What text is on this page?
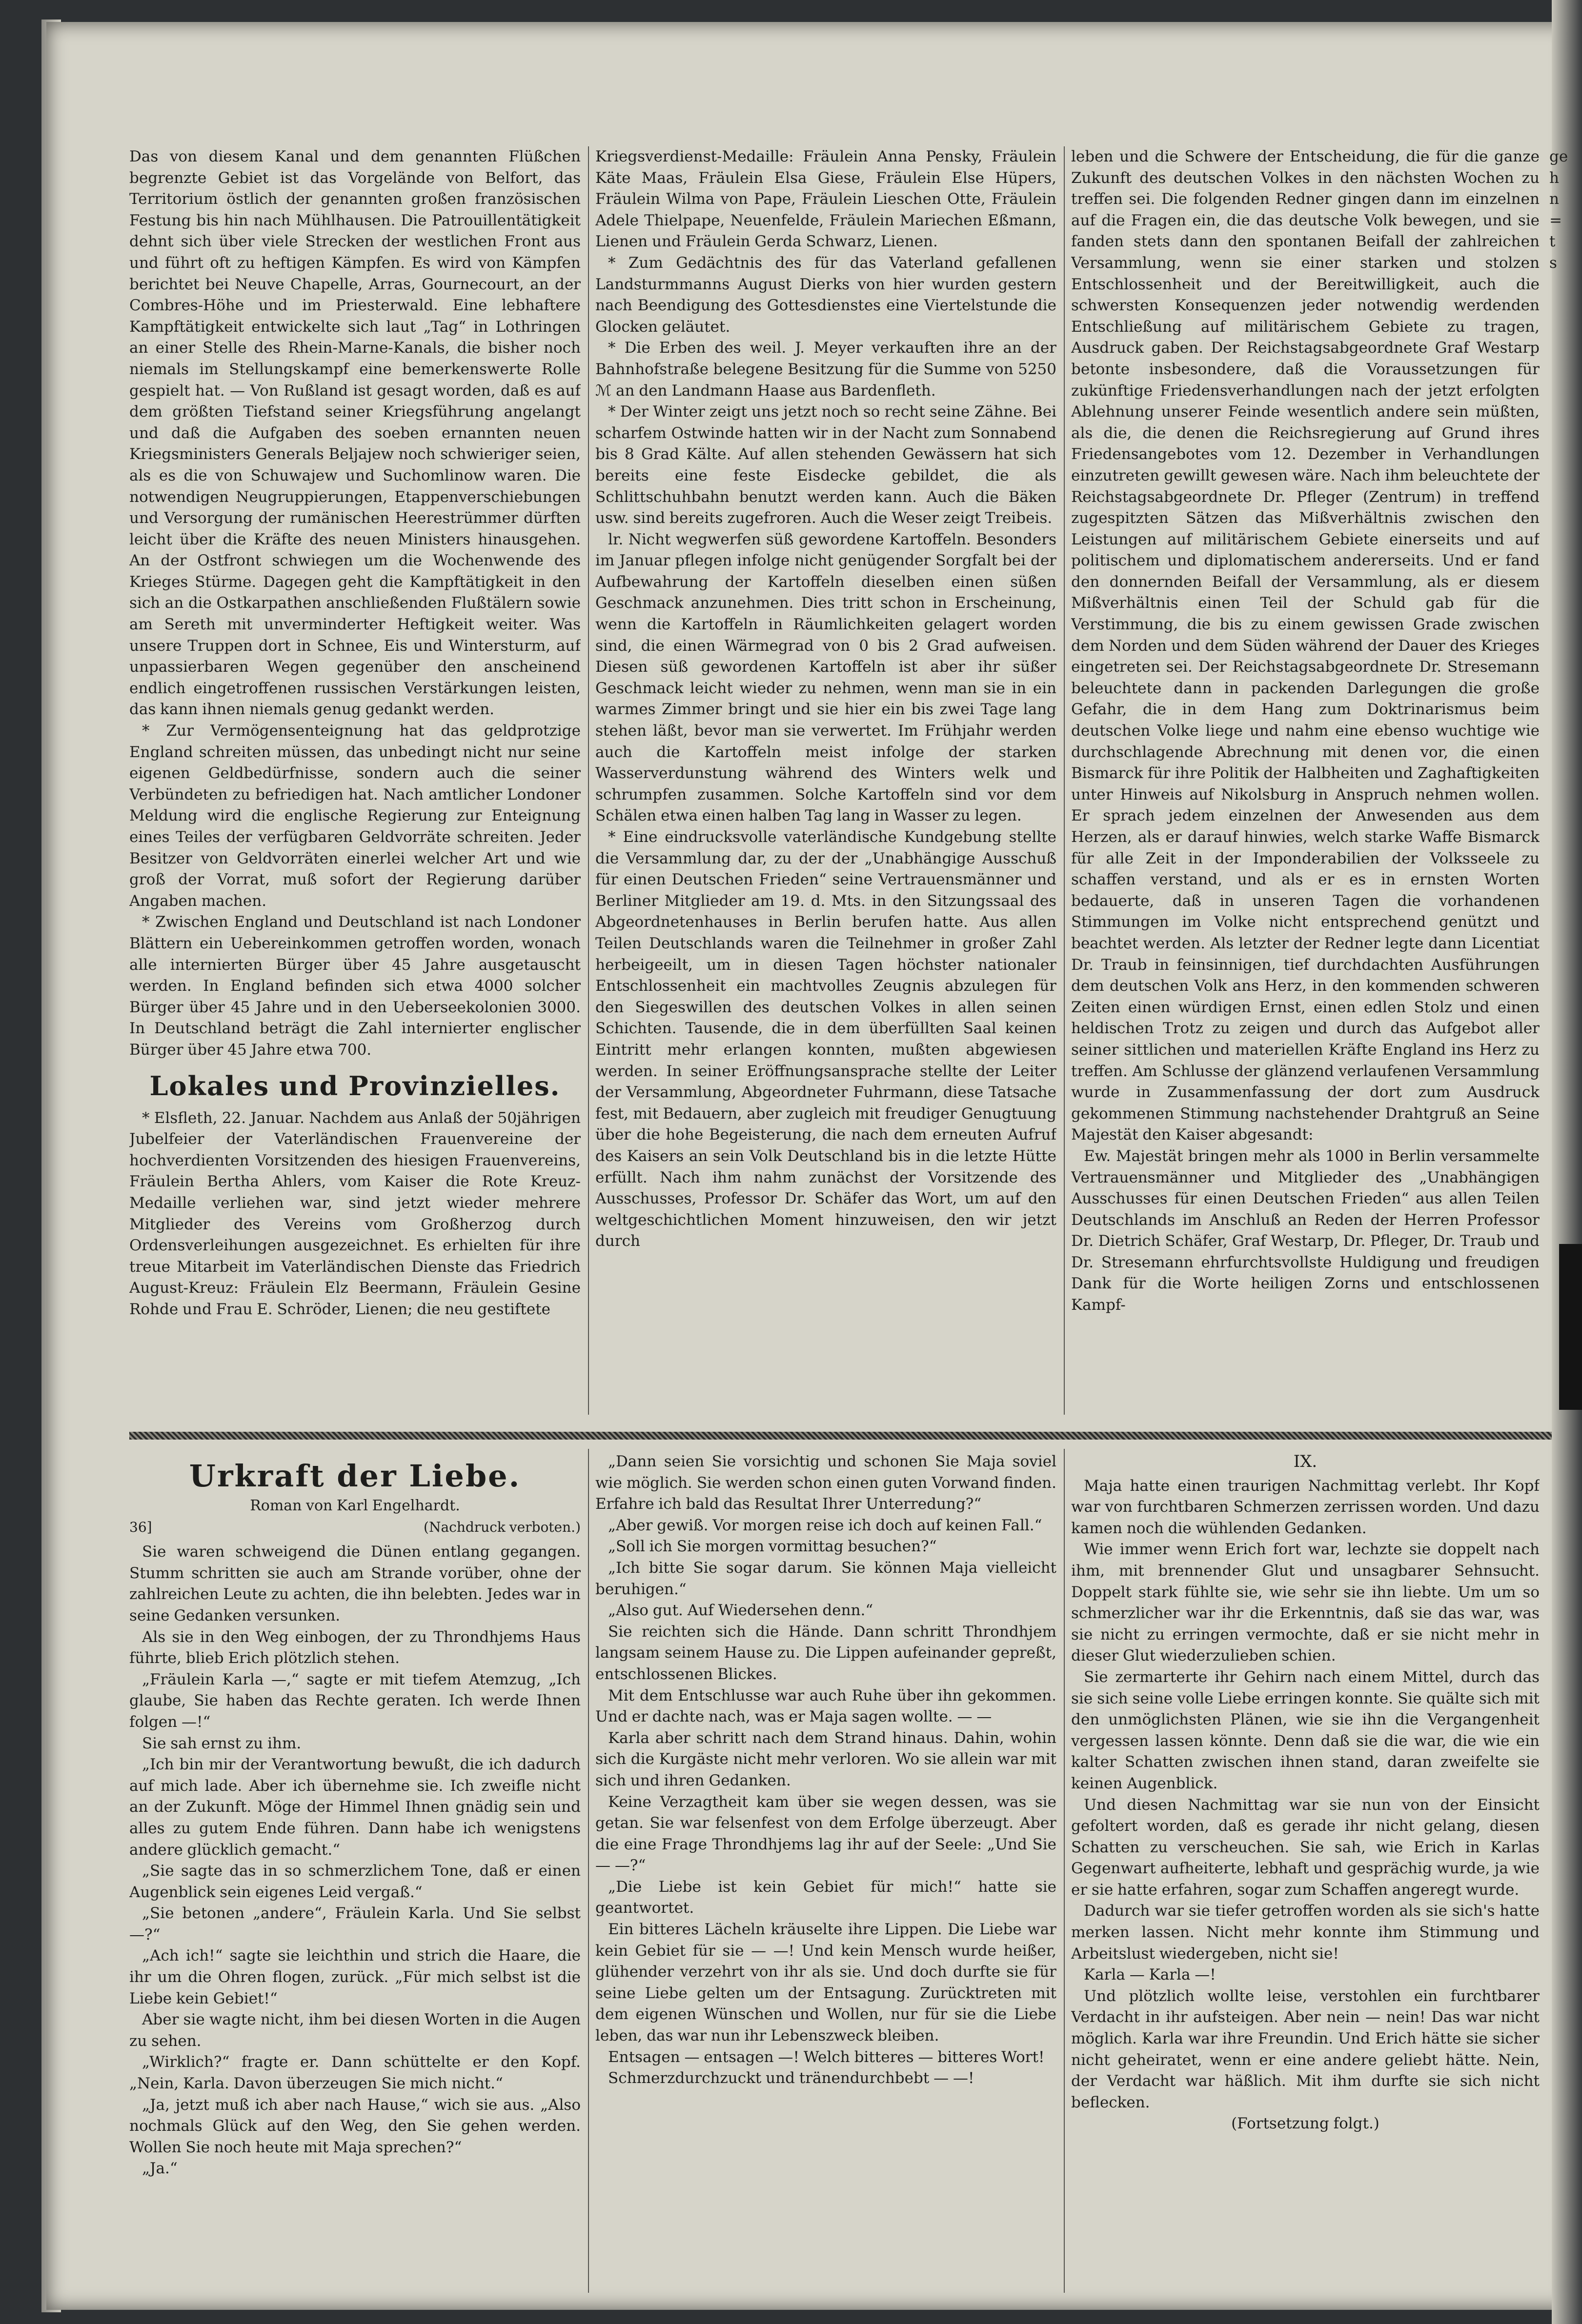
Das von diesem Kanal und dem genannten Flüßchen begrenzte Gebiet ist das Vorgelände von Belfort, das Territorium östlich der genannten großen französischen Festung bis hin nach Mühlhausen. Die Patrouillentätigkeit dehnt sich über viele Strecken der westlichen Front aus und führt oft zu heftigen Kämpfen. Es wird von Kämpfen berichtet bei Neuve Chapelle, Arras, Gournecourt, an der Combres-Höhe und im Priesterwald. Eine lebhaftere Kampftätigkeit entwickelte sich laut „Tag“ in Lothringen an einer Stelle des Rhein-Marne-Kanals, die bisher noch niemals im Stellungskampf eine bemerkenswerte Rolle gespielt hat. — Von Rußland ist gesagt worden, daß es auf dem größten Tiefstand seiner Kriegsführung angelangt und daß die Aufgaben des soeben ernannten neuen Kriegsministers Generals Beljajew noch schwieriger seien, als es die von Schuwajew und Suchomlinow waren. Die notwendigen Neugruppierungen, Etappenverschiebungen und Versorgung der rumänischen Heerestrümmer dürften leicht über die Kräfte des neuen Ministers hinausgehen. An der Ostfront schwiegen um die Wochenwende des Krieges Stürme. Dagegen geht die Kampftätigkeit in den sich an die Ostkarpathen anschließenden Flußtälern sowie am Sereth mit unverminderter Heftigkeit weiter. Was unsere Truppen dort in Schnee, Eis und Wintersturm, auf unpassierbaren Wegen gegenüber den anscheinend endlich eingetroffenen russischen Verstärkungen leisten, das kann ihnen niemals genug gedankt werden.

* Zur Vermögensenteignung hat das geldprotzige England schreiten müssen, das unbedingt nicht nur seine eigenen Geldbedürfnisse, sondern auch die seiner Verbündeten zu befriedigen hat. Nach amtlicher Londoner Meldung wird die englische Regierung zur Enteignung eines Teiles der verfügbaren Geldvorräte schreiten. Jeder Besitzer von Geldvorräten einerlei welcher Art und wie groß der Vorrat, muß sofort der Regierung darüber Angaben machen.

* Zwischen England und Deutschland ist nach Londoner Blättern ein Uebereinkommen getroffen worden, wonach alle internierten Bürger über 45 Jahre ausgetauscht werden. In England befinden sich etwa 4000 solcher Bürger über 45 Jahre und in den Ueberseekolonien 3000. In Deutschland beträgt die Zahl internierter englischer Bürger über 45 Jahre etwa 700.

Lokales und Provinzielles.

* Elsfleth, 22. Januar. Nachdem aus Anlaß der 50jährigen Jubelfeier der Vaterländischen Frauenvereine der hochverdienten Vorsitzenden des hiesigen Frauenvereins, Fräulein Bertha Ahlers, vom Kaiser die Rote Kreuz-Medaille verliehen war, sind jetzt wieder mehrere Mitglieder des Vereins vom Großherzog durch Ordensverleihungen ausgezeichnet. Es erhielten für ihre treue Mitarbeit im Vaterländischen Dienste das Friedrich August-Kreuz: Fräulein Elz Beermann, Fräulein Gesine Rohde und Frau E. Schröder, Lienen; die neu gestiftete

Kriegsverdienst-Medaille: Fräulein Anna Pensky, Fräulein Käte Maas, Fräulein Elsa Giese, Fräulein Else Hüpers, Fräulein Wilma von Pape, Fräulein Lieschen Otte, Fräulein Adele Thielpape, Neuenfelde, Fräulein Mariechen Eßmann, Lienen und Fräulein Gerda Schwarz, Lienen.

* Zum Gedächtnis des für das Vaterland gefallenen Landsturmmanns August Dierks von hier wurden gestern nach Beendigung des Gottesdienstes eine Viertelstunde die Glocken geläutet.

* Die Erben des weil. J. Meyer verkauften ihre an der Bahnhofstraße belegene Besitzung für die Summe von 5250 ℳ an den Landmann Haase aus Bardenfleth.

* Der Winter zeigt uns jetzt noch so recht seine Zähne. Bei scharfem Ostwinde hatten wir in der Nacht zum Sonnabend bis 8 Grad Kälte. Auf allen stehenden Gewässern hat sich bereits eine feste Eisdecke gebildet, die als Schlittschuhbahn benutzt werden kann. Auch die Bäken usw. sind bereits zugefroren. Auch die Weser zeigt Treibeis.

lr. Nicht wegwerfen süß gewordene Kartoffeln. Besonders im Januar pflegen infolge nicht genügender Sorgfalt bei der Aufbewahrung der Kartoffeln dieselben einen süßen Geschmack anzunehmen. Dies tritt schon in Erscheinung, wenn die Kartoffeln in Räumlichkeiten gelagert worden sind, die einen Wärmegrad von 0 bis 2 Grad aufweisen. Diesen süß gewordenen Kartoffeln ist aber ihr süßer Geschmack leicht wieder zu nehmen, wenn man sie in ein warmes Zimmer bringt und sie hier ein bis zwei Tage lang stehen läßt, bevor man sie verwertet. Im Frühjahr werden auch die Kartoffeln meist infolge der starken Wasserverdunstung während des Winters welk und schrumpfen zusammen. Solche Kartoffeln sind vor dem Schälen etwa einen halben Tag lang in Wasser zu legen.

* Eine eindrucksvolle vaterländische Kundgebung stellte die Versammlung dar, zu der der „Unabhängige Ausschuß für einen Deutschen Frieden“ seine Vertrauensmänner und Berliner Mitglieder am 19. d. Mts. in den Sitzungssaal des Abgeordnetenhauses in Berlin berufen hatte. Aus allen Teilen Deutschlands waren die Teilnehmer in großer Zahl herbeigeeilt, um in diesen Tagen höchster nationaler Entschlossenheit ein machtvolles Zeugnis abzulegen für den Siegeswillen des deutschen Volkes in allen seinen Schichten. Tausende, die in dem überfüllten Saal keinen Eintritt mehr erlangen konnten, mußten abgewiesen werden. In seiner Eröffnungsansprache stellte der Leiter der Versammlung, Abgeordneter Fuhrmann, diese Tatsache fest, mit Bedauern, aber zugleich mit freudiger Genugtuung über die hohe Begeisterung, die nach dem erneuten Aufruf des Kaisers an sein Volk Deutschland bis in die letzte Hütte erfüllt. Nach ihm nahm zunächst der Vorsitzende des Ausschusses, Professor Dr. Schäfer das Wort, um auf den weltgeschichtlichen Moment hinzuweisen, den wir jetzt durch

leben und die Schwere der Entscheidung, die für die ganze Zukunft des deutschen Volkes in den nächsten Wochen zu treffen sei. Die folgenden Redner gingen dann im einzelnen auf die Fragen ein, die das deutsche Volk bewegen, und sie fanden stets dann den spontanen Beifall der zahlreichen Versammlung, wenn sie einer starken und stolzen Entschlossenheit und der Bereitwilligkeit, auch die schwersten Konsequenzen jeder notwendig werdenden Entschließung auf militärischem Gebiete zu tragen, Ausdruck gaben. Der Reichstagsabgeordnete Graf Westarp betonte insbesondere, daß die Voraussetzungen für zukünftige Friedensverhandlungen nach der jetzt erfolgten Ablehnung unserer Feinde wesentlich andere sein müßten, als die, die denen die Reichsregierung auf Grund ihres Friedensangebotes vom 12. Dezember in Verhandlungen einzutreten gewillt gewesen wäre. Nach ihm beleuchtete der Reichstagsabgeordnete Dr. Pfleger (Zentrum) in treffend zugespitzten Sätzen das Mißverhältnis zwischen den Leistungen auf militärischem Gebiete einerseits und auf politischem und diplomatischem andererseits. Und er fand den donnernden Beifall der Versammlung, als er diesem Mißverhältnis einen Teil der Schuld gab für die Verstimmung, die bis zu einem gewissen Grade zwischen dem Norden und dem Süden während der Dauer des Krieges eingetreten sei. Der Reichstagsabgeordnete Dr. Stresemann beleuchtete dann in packenden Darlegungen die große Gefahr, die in dem Hang zum Doktrinarismus beim deutschen Volke liege und nahm eine ebenso wuchtige wie durchschlagende Abrechnung mit denen vor, die einen Bismarck für ihre Politik der Halbheiten und Zaghaftigkeiten unter Hinweis auf Nikolsburg in Anspruch nehmen wollen. Er sprach jedem einzelnen der Anwesenden aus dem Herzen, als er darauf hinwies, welch starke Waffe Bismarck für alle Zeit in der Imponderabilien der Volksseele zu schaffen verstand, und als er es in ernsten Worten bedauerte, daß in unseren Tagen die vorhandenen Stimmungen im Volke nicht entsprechend genützt und beachtet werden. Als letzter der Redner legte dann Licentiat Dr. Traub in feinsinnigen, tief durchdachten Ausführungen dem deutschen Volk ans Herz, in den kommenden schweren Zeiten einen würdigen Ernst, einen edlen Stolz und einen heldischen Trotz zu zeigen und durch das Aufgebot aller seiner sittlichen und materiellen Kräfte England ins Herz zu treffen. Am Schlusse der glänzend verlaufenen Versammlung wurde in Zusammenfassung der dort zum Ausdruck gekommenen Stimmung nachstehender Drahtgruß an Seine Majestät den Kaiser abgesandt:

Ew. Majestät bringen mehr als 1000 in Berlin versammelte Vertrauensmänner und Mitglieder des „Unabhängigen Ausschusses für einen Deutschen Frieden“ aus allen Teilen Deutschlands im Anschluß an Reden der Herren Professor Dr. Dietrich Schäfer, Graf Westarp, Dr. Pfleger, Dr. Traub und Dr. Stresemann ehrfurchtsvollste Huldigung und freudigen Dank für die Worte heiligen Zorns und entschlossenen Kampf-

ge
h
n
=
t
s
Urkraft der Liebe.
Roman von Karl Engelhardt.
36]	(Nachdruck verboten.)

Sie waren schweigend die Dünen entlang gegangen. Stumm schritten sie auch am Strande vorüber, ohne der zahlreichen Leute zu achten, die ihn belebten. Jedes war in seine Gedanken versunken.

Als sie in den Weg einbogen, der zu Throndhjems Haus führte, blieb Erich plötzlich stehen.

„Fräulein Karla —,“ sagte er mit tiefem Atemzug, „Ich glaube, Sie haben das Rechte geraten. Ich werde Ihnen folgen —!“

Sie sah ernst zu ihm.

„Ich bin mir der Verantwortung bewußt, die ich dadurch auf mich lade. Aber ich übernehme sie. Ich zweifle nicht an der Zukunft. Möge der Himmel Ihnen gnädig sein und alles zu gutem Ende führen. Dann habe ich wenigstens andere glücklich gemacht.“

„Sie sagte das in so schmerzlichem Tone, daß er einen Augenblick sein eigenes Leid vergaß.“

„Sie betonen „andere“, Fräulein Karla. Und Sie selbst —?“

„Ach ich!“ sagte sie leichthin und strich die Haare, die ihr um die Ohren flogen, zurück. „Für mich selbst ist die Liebe kein Gebiet!“

Aber sie wagte nicht, ihm bei diesen Worten in die Augen zu sehen.

„Wirklich?“ fragte er. Dann schüttelte er den Kopf. „Nein, Karla. Davon überzeugen Sie mich nicht.“

„Ja, jetzt muß ich aber nach Hause,“ wich sie aus. „Also nochmals Glück auf den Weg, den Sie gehen werden. Wollen Sie noch heute mit Maja sprechen?“

„Ja.“

„Dann seien Sie vorsichtig und schonen Sie Maja soviel wie möglich. Sie werden schon einen guten Vorwand finden. Erfahre ich bald das Resultat Ihrer Unterredung?“

„Aber gewiß. Vor morgen reise ich doch auf keinen Fall.“

„Soll ich Sie morgen vormittag besuchen?“

„Ich bitte Sie sogar darum. Sie können Maja vielleicht beruhigen.“

„Also gut. Auf Wiedersehen denn.“

Sie reichten sich die Hände. Dann schritt Throndhjem langsam seinem Hause zu. Die Lippen aufeinander gepreßt, entschlossenen Blickes.

Mit dem Entschlusse war auch Ruhe über ihn gekommen. Und er dachte nach, was er Maja sagen wollte. — —

Karla aber schritt nach dem Strand hinaus. Dahin, wohin sich die Kurgäste nicht mehr verloren. Wo sie allein war mit sich und ihren Gedanken.

Keine Verzagtheit kam über sie wegen dessen, was sie getan. Sie war felsenfest von dem Erfolge überzeugt. Aber die eine Frage Throndhjems lag ihr auf der Seele: „Und Sie — —?“

„Die Liebe ist kein Gebiet für mich!“ hatte sie geantwortet.

Ein bitteres Lächeln kräuselte ihre Lippen. Die Liebe war kein Gebiet für sie — —! Und kein Mensch wurde heißer, glühender verzehrt von ihr als sie. Und doch durfte sie für seine Liebe gelten um der Entsagung. Zurücktreten mit dem eigenen Wünschen und Wollen, nur für sie die Liebe leben, das war nun ihr Lebenszweck bleiben.

Entsagen — entsagen —! Welch bitteres — bitteres Wort!

Schmerzdurchzuckt und tränendurchbebt — —!

IX.

Maja hatte einen traurigen Nachmittag verlebt. Ihr Kopf war von furchtbaren Schmerzen zerrissen worden. Und dazu kamen noch die wühlenden Gedanken.

Wie immer wenn Erich fort war, lechzte sie doppelt nach ihm, mit brennender Glut und unsagbarer Sehnsucht. Doppelt stark fühlte sie, wie sehr sie ihn liebte. Um um so schmerzlicher war ihr die Erkenntnis, daß sie das war, was sie nicht zu erringen vermochte, daß er sie nicht mehr in dieser Glut wiederzulieben schien.

Sie zermarterte ihr Gehirn nach einem Mittel, durch das sie sich seine volle Liebe erringen konnte. Sie quälte sich mit den unmöglichsten Plänen, wie sie ihn die Vergangenheit vergessen lassen könnte. Denn daß sie die war, die wie ein kalter Schatten zwischen ihnen stand, daran zweifelte sie keinen Augenblick.

Und diesen Nachmittag war sie nun von der Einsicht gefoltert worden, daß es gerade ihr nicht gelang, diesen Schatten zu verscheuchen. Sie sah, wie Erich in Karlas Gegenwart aufheiterte, lebhaft und gesprächig wurde, ja wie er sie hatte erfahren, sogar zum Schaffen angeregt wurde.

Dadurch war sie tiefer getroffen worden als sie sich's hatte merken lassen. Nicht mehr konnte ihm Stimmung und Arbeitslust wiedergeben, nicht sie!

Karla — Karla —!

Und plötzlich wollte leise, verstohlen ein furchtbarer Verdacht in ihr aufsteigen. Aber nein — nein! Das war nicht möglich. Karla war ihre Freundin. Und Erich hätte sie sicher nicht geheiratet, wenn er eine andere geliebt hätte. Nein, der Verdacht war häßlich. Mit ihm durfte sie sich nicht beflecken.

(Fortsetzung folgt.)
